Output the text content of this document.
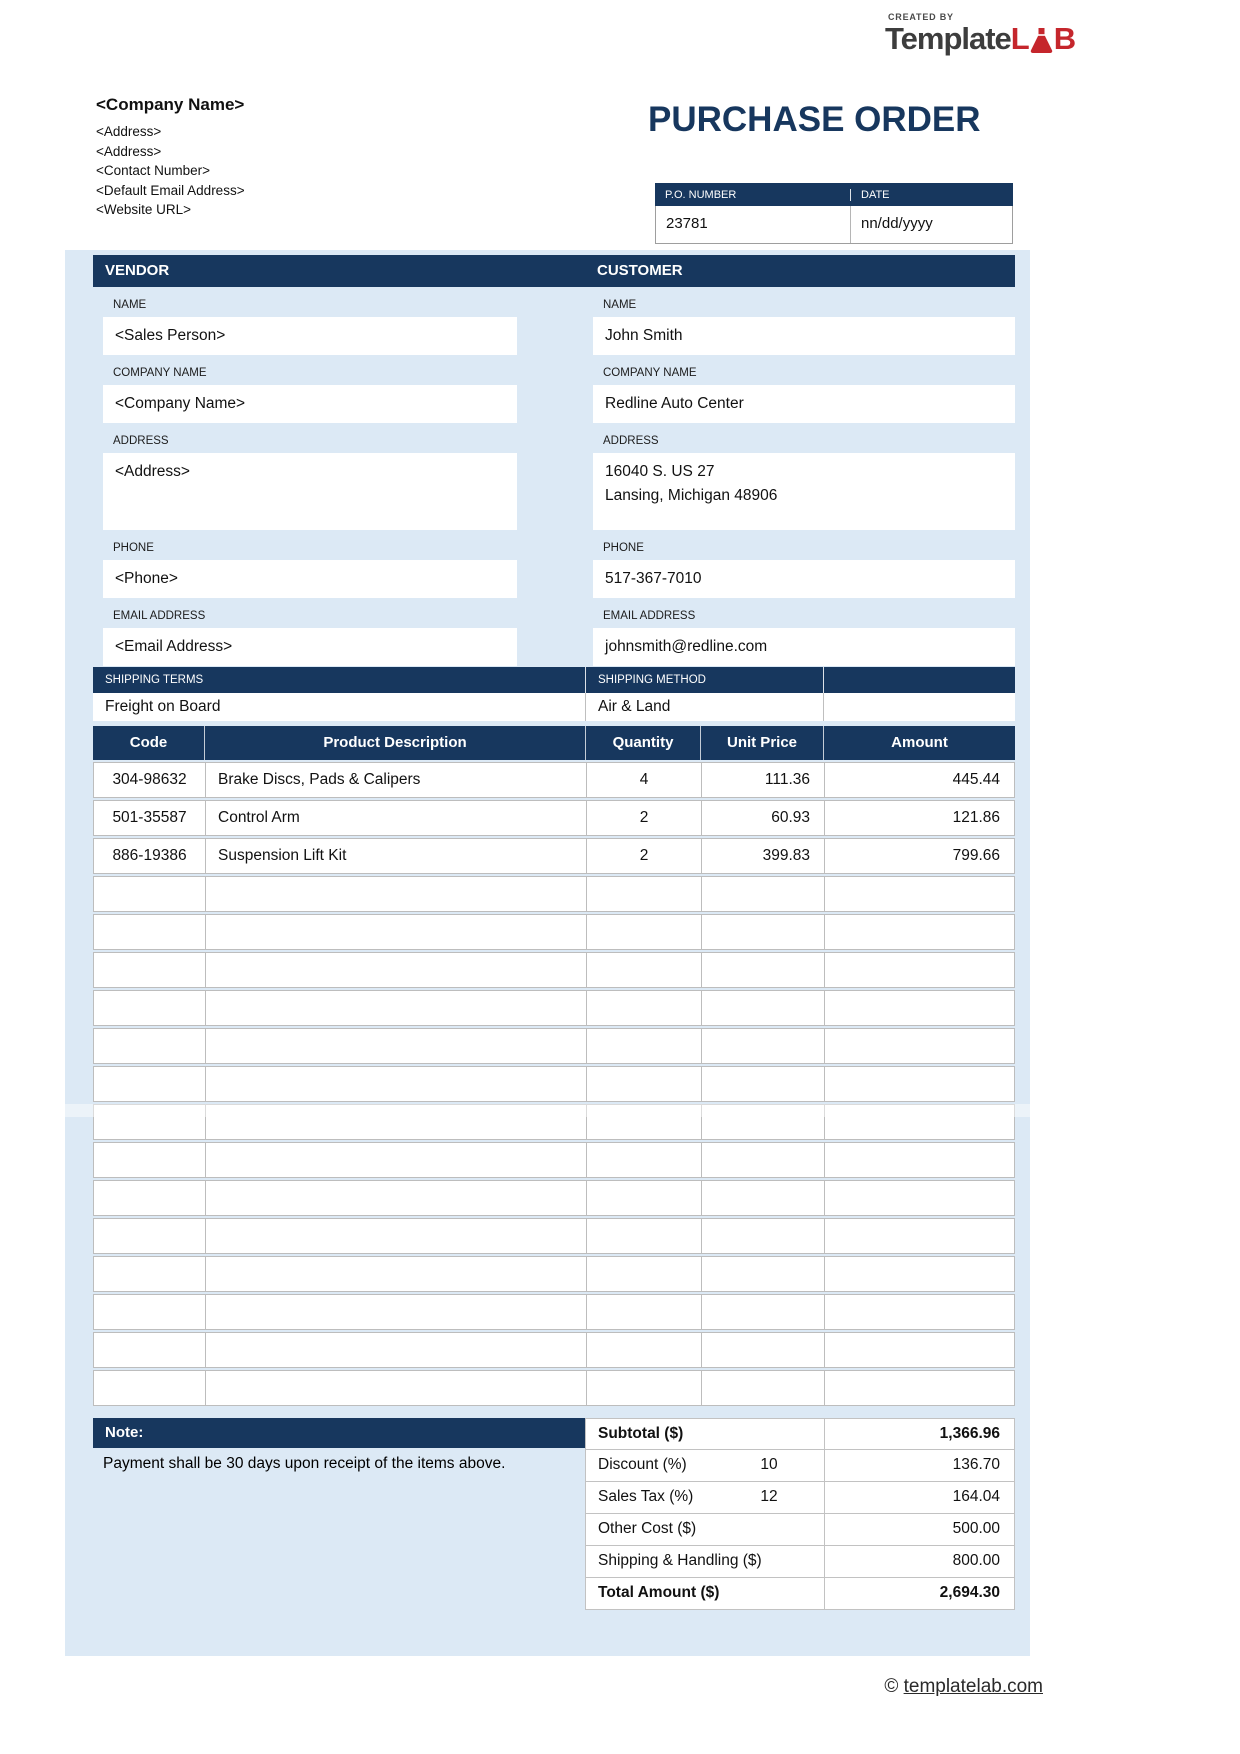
CREATED BY
Template L B
<Company Name>
<Address>
<Address>
<Contact Number>
<Default Email Address>
<Website URL>
PURCHASE ORDER
P.O. NUMBER	DATE
23781	nn/dd/yyyy
VENDOR	CUSTOMER
NAME
<Sales Person>
COMPANY NAME
<Company Name>
ADDRESS
<Address>
PHONE
<Phone>
EMAIL ADDRESS
<Email Address>
NAME
John Smith
COMPANY NAME
Redline Auto Center
ADDRESS
16040 S. US 27
Lansing, Michigan 48906
PHONE
517-367-7010
EMAIL ADDRESS
johnsmith@redline.com
SHIPPING TERMS	SHIPPING METHOD
Freight on Board	Air & Land
Code	Product Description	Quantity	Unit Price	Amount
304-98632	Brake Discs, Pads & Calipers	4	111.36	445.44
501-35587	Control Arm	2	60.93	121.86
886-19386	Suspension Lift Kit	2	399.83	799.66
Note:
Payment shall be 30 days upon receipt of the items above.
Subtotal ($)	1,366.96
Discount (%)	10	136.70
Sales Tax (%)	12	164.04
Other Cost ($)	500.00
Shipping & Handling ($)	800.00
Total Amount ($)	2,694.30
© templatelab.com
